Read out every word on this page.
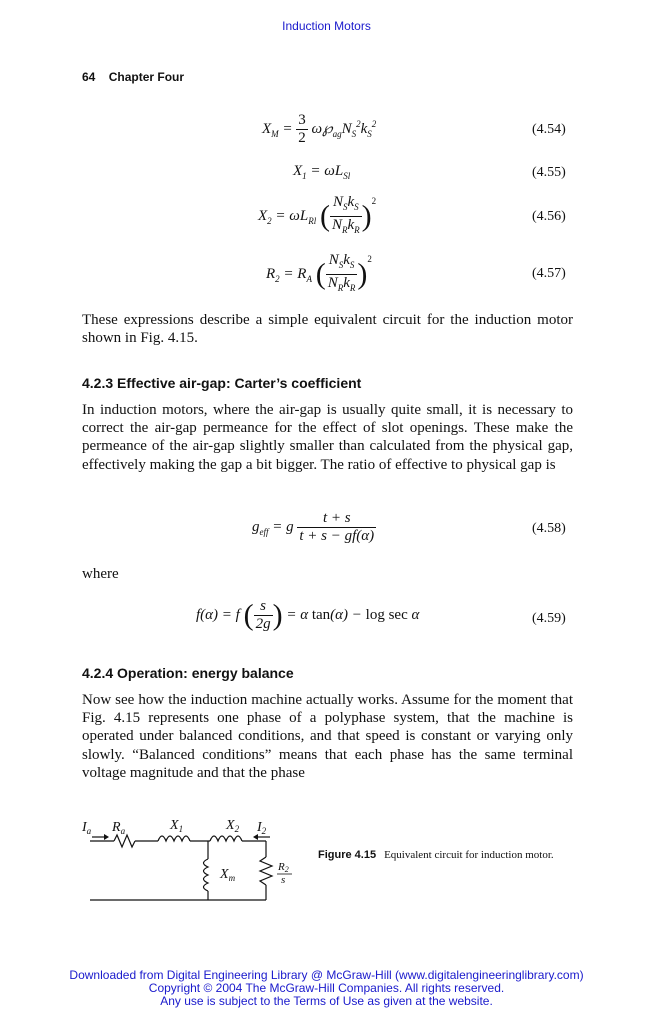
Induction Motors
64 Chapter Four
$X_M = \frac{3}{2}$ $\omega℘_{ag}N_S^2k_S^2$	(4.54)
$X_1 = \omega L_{Sl}$	(4.55)
$X_2 = \omega L_{Rl}$ ( $\frac{N_Sk_S}{N_Rk_R} )^2$
(4.56)
$R_2 = R_A$ ( $\frac{N_Sk_S}{N_Rk_R} )^2$
(4.57)
These expressions describe a simple equivalent circuit for the induction motor shown in Fig. 4.15.
4.2.3 Effective air-gap: Carter’s coefficient
In induction motors, where the air-gap is usually quite small, it is necessary to correct the air-gap permeance for the effect of slot openings. These make the permeance of the air-gap slightly smaller than calculated from the physical gap, effectively making the gap a bit bigger. The ratio of effective to physical gap is
$g_{eff} = g \frac{t + s}{t + s - gf(\alpha)}$	(4.58)
where
f(α) = f ( $\frac{s}{2g}$ ) = α tan(α) − log sec α	(4.59)
4.2.4 Operation: energy balance
Now see how the induction machine actually works. Assume for the moment that Fig. 4.15 represents one phase of a polyphase system, that the machine is operated under balanced conditions, and that speed is constant or varying only slowly. “Balanced conditions” means that each phase has the same terminal voltage magnitude and that the phase
$I_a$ $R_a$	$X_1$	$X_2$ $I_2$
$X_m$
R2
s
Figure 4.15 Equivalent circuit for induction motor.
Downloaded from Digital Engineering Library @ McGraw-Hill (www.digitalengineeringlibrary.com)
Copyright © 2004 The McGraw-Hill Companies. All rights reserved.
Any use is subject to the Terms of Use as given at the website.
